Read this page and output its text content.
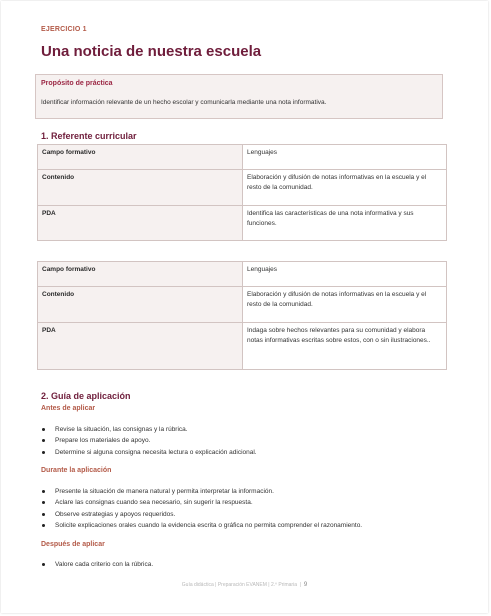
EJERCICIO 1
Una noticia de nuestra escuela
Propósito de práctica
Identificar información relevante de un hecho escolar y comunicarla mediante una nota informativa.
1. Referente curricular
Campo formativo	Lenguajes
Contenido	Elaboración y difusión de notas informativas en la escuela y el resto de la comunidad.
PDA	Identifica las características de una nota informativa y sus funciones.
Campo formativo	Lenguajes
Contenido	Elaboración y difusión de notas informativas en la escuela y el resto de la comunidad.
PDA	Indaga sobre hechos relevantes para su comunidad y elabora notas informativas escritas sobre estos, con o sin ilustraciones..
2. Guía de aplicación
Antes de aplicar
Revise la situación, las consignas y la rúbrica.
Prepare los materiales de apoyo.
Determine si alguna consigna necesita lectura o explicación adicional.
Durante la aplicación
Presente la situación de manera natural y permita interpretar la información.
Aclare las consignas cuando sea necesario, sin sugerir la respuesta.
Observe estrategias y apoyos requeridos.
Solicite explicaciones orales cuando la evidencia escrita o gráfica no permita comprender el razonamiento.
Después de aplicar
Valore cada criterio con la rúbrica.
Guía didáctica | Preparación EVANEM | 2.º Primaria | 9
